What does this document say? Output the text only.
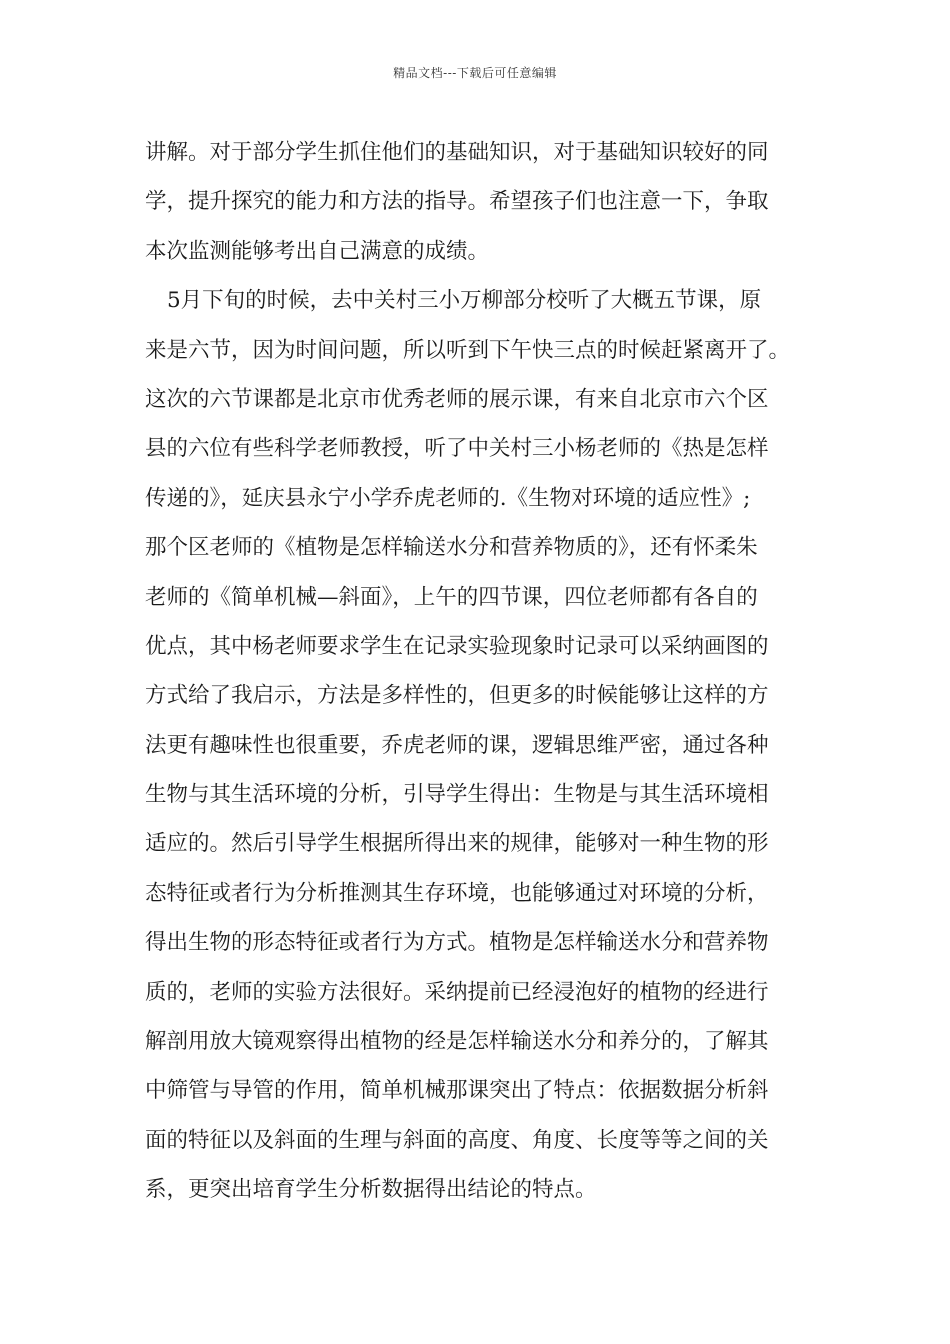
精品文档---下载后可任意编辑
讲解。对于部分学生抓住他们的基础知识，对于基础知识较好的同
学，提升探究的能力和方法的指导。希望孩子们也注意一下，争取
本次监测能够考出自己满意的成绩。
5月下旬的时候，去中关村三小万柳部分校听了大概五节课，原
来是六节，因为时间问题，所以听到下午快三点的时候赶紧离开了。
这次的六节课都是北京市优秀老师的展示课，有来自北京市六个区
县的六位有些科学老师教授，听了中关村三小杨老师的《热是怎样
传递的》，延庆县永宁小学乔虎老师的.《生物对环境的适应性》;
那个区老师的《植物是怎样输送水分和营养物质的》，还有怀柔朱
老师的《简单机械—斜面》，上午的四节课，四位老师都有各自的
优点，其中杨老师要求学生在记录实验现象时记录可以采纳画图的
方式给了我启示，方法是多样性的，但更多的时候能够让这样的方
法更有趣味性也很重要，乔虎老师的课，逻辑思维严密，通过各种
生物与其生活环境的分析，引导学生得出：生物是与其生活环境相
适应的。然后引导学生根据所得出来的规律，能够对一种生物的形
态特征或者行为分析推测其生存环境，也能够通过对环境的分析，
得出生物的形态特征或者行为方式。植物是怎样输送水分和营养物
质的，老师的实验方法很好。采纳提前已经浸泡好的植物的经进行
解剖用放大镜观察得出植物的经是怎样输送水分和养分的，了解其
中筛管与导管的作用，简单机械那课突出了特点：依据数据分析斜
面的特征以及斜面的生理与斜面的高度、角度、长度等等之间的关
系，更突出培育学生分析数据得出结论的特点。
